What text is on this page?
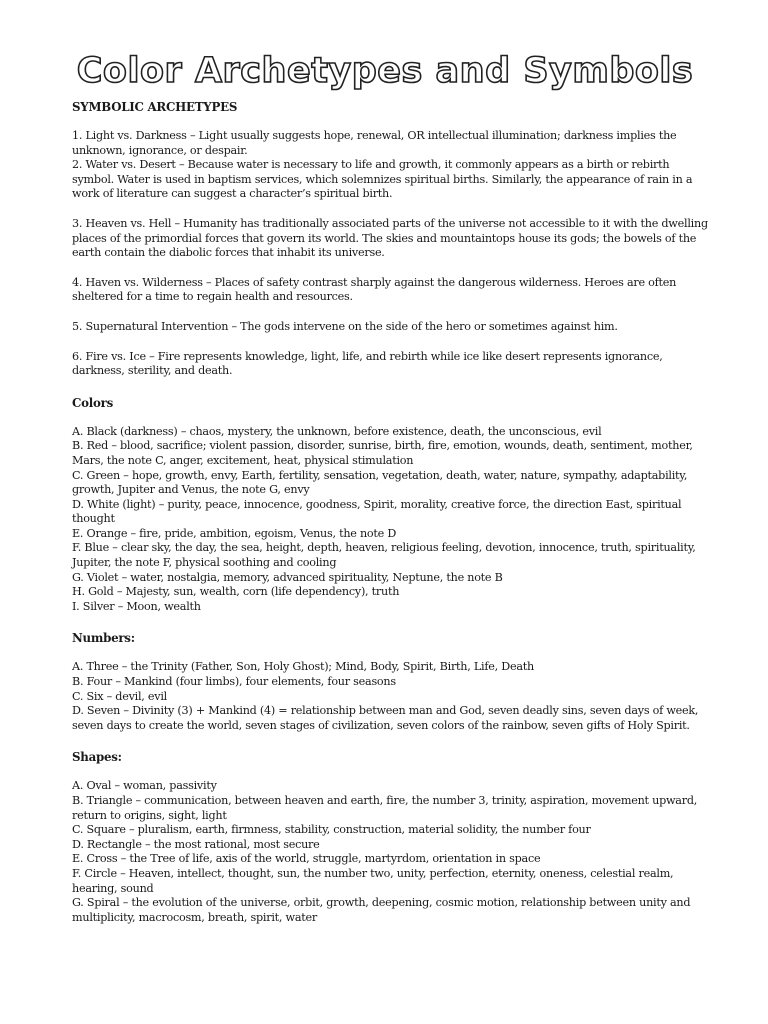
Color Archetypes and Symbols
SYMBOLIC ARCHETYPES

1. Light vs. Darkness – Light usually suggests hope, renewal, OR intellectual illumination; darkness implies the unknown, ignorance, or despair.

2. Water vs. Desert – Because water is necessary to life and growth, it commonly appears as a birth or rebirth symbol. Water is used in baptism services, which solemnizes spiritual births. Similarly, the appearance of rain in a work of literature can suggest a character’s spiritual birth.

3. Heaven vs. Hell – Humanity has traditionally associated parts of the universe not accessible to it with the dwelling places of the primordial forces that govern its world. The skies and mountaintops house its gods; the bowels of the earth contain the diabolic forces that inhabit its universe.

4. Haven vs. Wilderness – Places of safety contrast sharply against the dangerous wilderness. Heroes are often sheltered for a time to regain health and resources.

5. Supernatural Intervention – The gods intervene on the side of the hero or sometimes against him.

6. Fire vs. Ice – Fire represents knowledge, light, life, and rebirth while ice like desert represents ignorance, darkness, sterility, and death.

Colors

A. Black (darkness) – chaos, mystery, the unknown, before existence, death, the unconscious, evil

B. Red – blood, sacrifice; violent passion, disorder, sunrise, birth, fire, emotion, wounds, death, sentiment, mother, Mars, the note C, anger, excitement, heat, physical stimulation

C. Green – hope, growth, envy, Earth, fertility, sensation, vegetation, death, water, nature, sympathy, adaptability, growth, Jupiter and Venus, the note G, envy

D. White (light) – purity, peace, innocence, goodness, Spirit, morality, creative force, the direction East, spiritual thought

E. Orange – fire, pride, ambition, egoism, Venus, the note D

F. Blue – clear sky, the day, the sea, height, depth, heaven, religious feeling, devotion, innocence, truth, spirituality, Jupiter, the note F, physical soothing and cooling

G. Violet – water, nostalgia, memory, advanced spirituality, Neptune, the note B

H. Gold – Majesty, sun, wealth, corn (life dependency), truth

I. Silver – Moon, wealth

Numbers:

A. Three – the Trinity (Father, Son, Holy Ghost); Mind, Body, Spirit, Birth, Life, Death

B. Four – Mankind (four limbs), four elements, four seasons

C. Six – devil, evil

D. Seven – Divinity (3) + Mankind (4) = relationship between man and God, seven deadly sins, seven days of week, seven days to create the world, seven stages of civilization, seven colors of the rainbow, seven gifts of Holy Spirit.

Shapes:

A. Oval – woman, passivity

B. Triangle – communication, between heaven and earth, fire, the number 3, trinity, aspiration, movement upward, return to origins, sight, light

C. Square – pluralism, earth, firmness, stability, construction, material solidity, the number four

D. Rectangle – the most rational, most secure

E. Cross – the Tree of life, axis of the world, struggle, martyrdom, orientation in space

F. Circle – Heaven, intellect, thought, sun, the number two, unity, perfection, eternity, oneness, celestial realm, hearing, sound

G. Spiral – the evolution of the universe, orbit, growth, deepening, cosmic motion, relationship between unity and multiplicity, macrocosm, breath, spirit, water
